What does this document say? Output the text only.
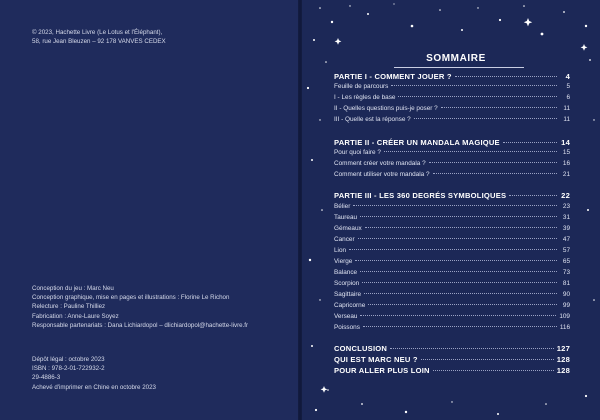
© 2023, Hachette Livre (Le Lotus et l'Éléphant),
58, rue Jean Bleuzen – 92 178 VANVES CEDEX
Conception du jeu : Marc Neu
Conception graphique, mise en pages et illustrations : Florine Le Richon
Relecture : Pauline Thilliez
Fabrication : Anne-Laure Soyez
Responsable partenariats : Dana Lichiardopol – dlichiardopol@hachette-livre.fr
Dépôt légal : octobre 2023
ISBN : 978-2-01-722932-2
29-4886-3
Achevé d'imprimer en Chine en octobre 2023
SOMMAIRE
PARTIE I - COMMENT JOUER ?	4
Feuille de parcours	5
I - Les règles de base	6
II - Quelles questions puis-je poser ?	11
III - Quelle est la réponse ?	11
PARTIE II - CRÉER UN MANDALA MAGIQUE	14
Pour quoi faire ?	15
Comment créer votre mandala ?	16
Comment utiliser votre mandala ?	21
PARTIE III - LES 360 DEGRÉS SYMBOLIQUES	22
Bélier	23
Taureau	31
Gémeaux	39
Cancer	47
Lion	57
Vierge	65
Balance	73
Scorpion	81
Sagittaire	90
Capricorne	99
Verseau	109
Poissons	116
CONCLUSION	127
QUI EST MARC NEU ?	128
POUR ALLER PLUS LOIN	128
